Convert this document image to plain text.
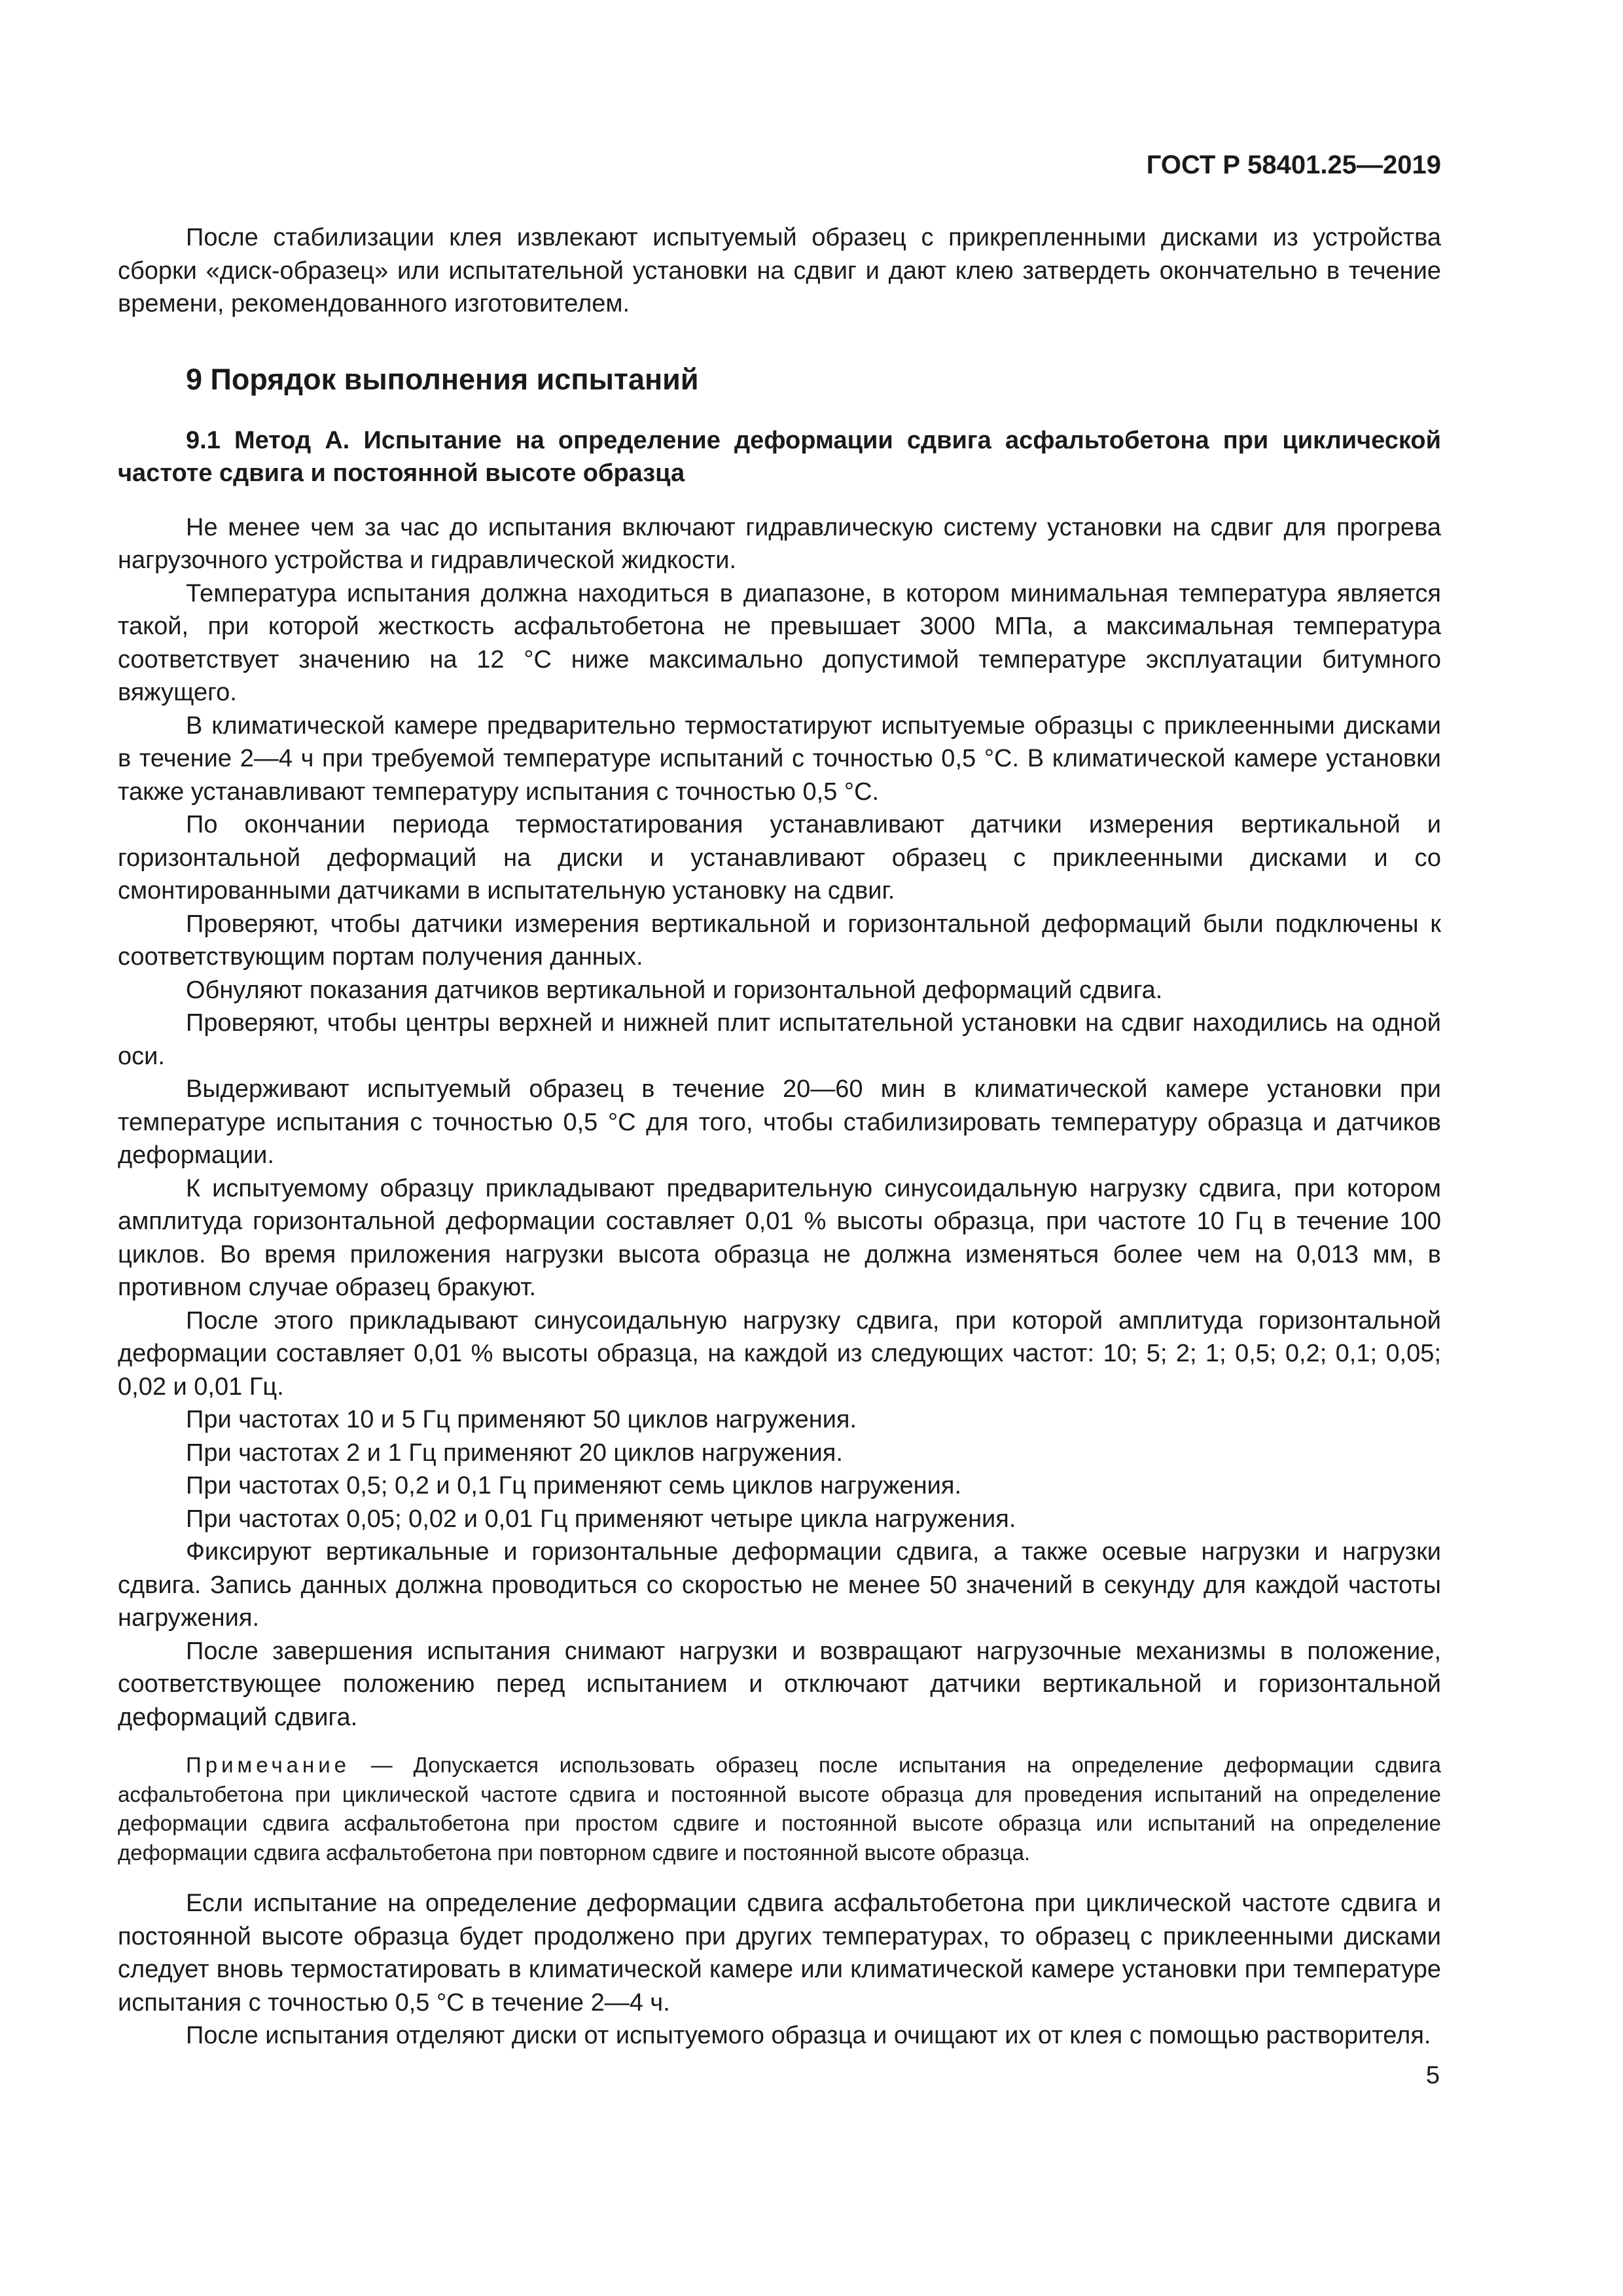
ГОСТ Р 58401.25—2019

После стабилизации клея извлекают испытуемый образец с прикрепленными дисками из устройства сборки «диск-образец» или испытательной установки на сдвиг и дают клею затвердеть окончательно в течение времени, рекомендованного изготовителем.

9 Порядок выполнения испытаний
9.1 Метод А. Испытание на определение деформации сдвига асфальтобетона при циклической частоте сдвига и постоянной высоте образца

Не менее чем за час до испытания включают гидравлическую систему установки на сдвиг для прогрева нагрузочного устройства и гидравлической жидкости.

Температура испытания должна находиться в диапазоне, в котором минимальная температура является такой, при которой жесткость асфальтобетона не превышает 3000 МПа, а максимальная температура соответствует значению на 12 °С ниже максимально допустимой температуре эксплуатации битумного вяжущего.

В климатической камере предварительно термостатируют испытуемые образцы с приклеенными дисками в течение 2—4 ч при требуемой температуре испытаний с точностью 0,5 °С. В климатической камере установки также устанавливают температуру испытания с точностью 0,5 °С.

По окончании периода термостатирования устанавливают датчики измерения вертикальной и горизонтальной деформаций на диски и устанавливают образец с приклеенными дисками и со смонтированными датчиками в испытательную установку на сдвиг.

Проверяют, чтобы датчики измерения вертикальной и горизонтальной деформаций были подключены к соответствующим портам получения данных.

Обнуляют показания датчиков вертикальной и горизонтальной деформаций сдвига.

Проверяют, чтобы центры верхней и нижней плит испытательной установки на сдвиг находились на одной оси.

Выдерживают испытуемый образец в течение 20—60 мин в климатической камере установки при температуре испытания с точностью 0,5 °С для того, чтобы стабилизировать температуру образца и датчиков деформации.

К испытуемому образцу прикладывают предварительную синусоидальную нагрузку сдвига, при котором амплитуда горизонтальной деформации составляет 0,01 % высоты образца, при частоте 10 Гц в течение 100 циклов. Во время приложения нагрузки высота образца не должна изменяться более чем на 0,013 мм, в противном случае образец бракуют.

После этого прикладывают синусоидальную нагрузку сдвига, при которой амплитуда горизонтальной деформации составляет 0,01 % высоты образца, на каждой из следующих частот: 10; 5; 2; 1; 0,5; 0,2; 0,1; 0,05; 0,02 и 0,01 Гц.

При частотах 10 и 5 Гц применяют 50 циклов нагружения.

При частотах 2 и 1 Гц применяют 20 циклов нагружения.

При частотах 0,5; 0,2 и 0,1 Гц применяют семь циклов нагружения.

При частотах 0,05; 0,02 и 0,01 Гц применяют четыре цикла нагружения.

Фиксируют вертикальные и горизонтальные деформации сдвига, а также осевые нагрузки и нагрузки сдвига. Запись данных должна проводиться со скоростью не менее 50 значений в секунду для каждой частоты нагружения.

После завершения испытания снимают нагрузки и возвращают нагрузочные механизмы в положение, соответствующее положению перед испытанием и отключают датчики вертикальной и горизонтальной деформаций сдвига.

Примечание — Допускается использовать образец после испытания на определение деформации сдвига асфальтобетона при циклической частоте сдвига и постоянной высоте образца для проведения испытаний на определение деформации сдвига асфальтобетона при простом сдвиге и постоянной высоте образца или испытаний на определение деформации сдвига асфальтобетона при повторном сдвиге и постоянной высоте образца.

Если испытание на определение деформации сдвига асфальтобетона при циклической частоте сдвига и постоянной высоте образца будет продолжено при других температурах, то образец с приклеенными дисками следует вновь термостатировать в климатической камере или климатической камере установки при температуре испытания с точностью 0,5 °С в течение 2—4 ч.

После испытания отделяют диски от испытуемого образца и очищают их от клея с помощью растворителя.

5
